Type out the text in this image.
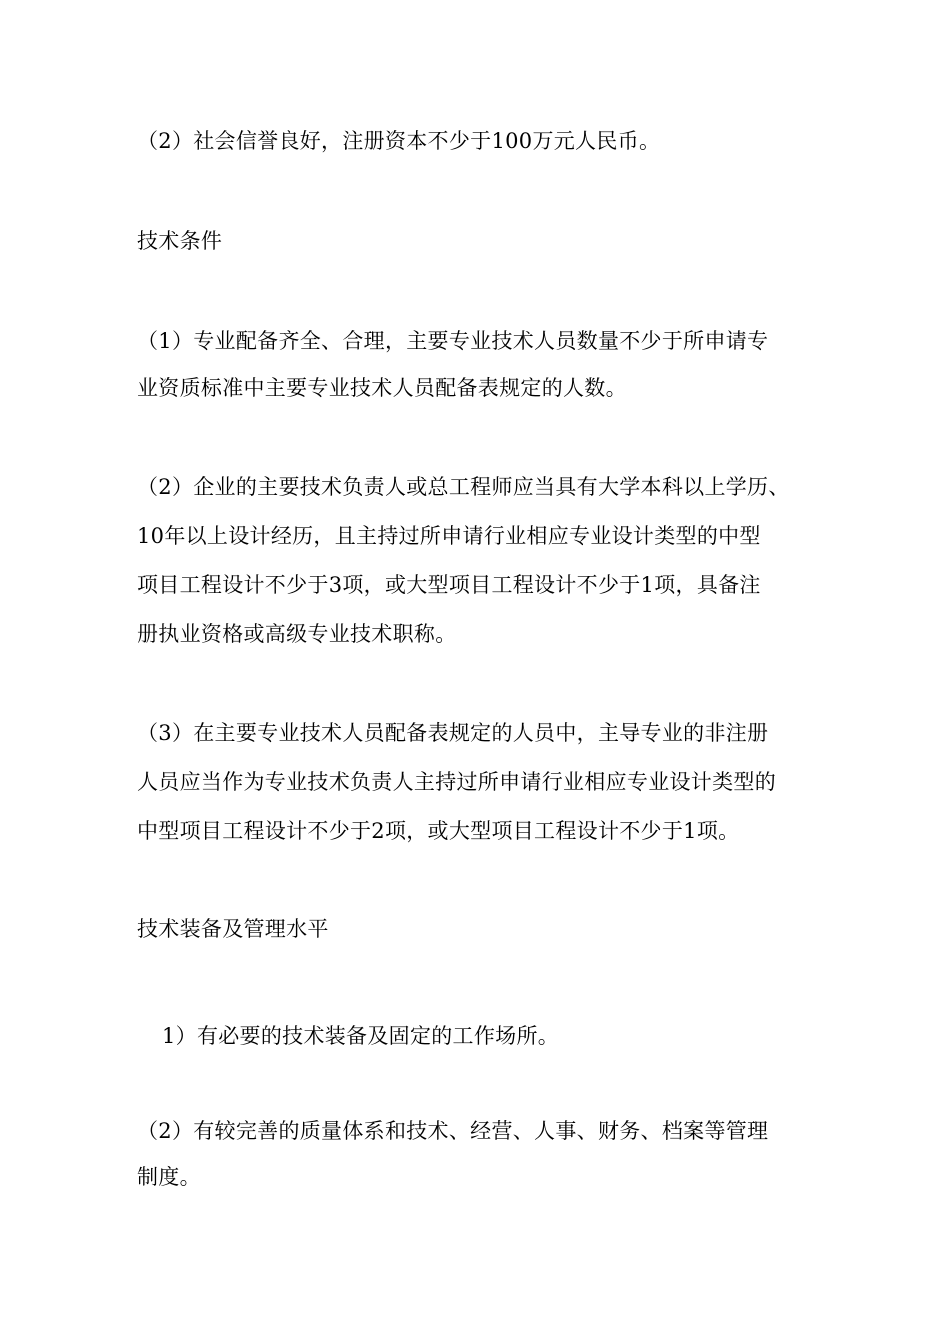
（2）社会信誉良好，注册资本不少于100万元人民币。
技术条件
（1）专业配备齐全、合理，主要专业技术人员数量不少于所申请专
业资质标准中主要专业技术人员配备表规定的人数。
（2）企业的主要技术负责人或总工程师应当具有大学本科以上学历、
10年以上设计经历，且主持过所申请行业相应专业设计类型的中型
项目工程设计不少于3项，或大型项目工程设计不少于1项，具备注
册执业资格或高级专业技术职称。
（3）在主要专业技术人员配备表规定的人员中，主导专业的非注册
人员应当作为专业技术负责人主持过所申请行业相应专业设计类型的
中型项目工程设计不少于2项，或大型项目工程设计不少于1项。
技术装备及管理水平
1）有必要的技术装备及固定的工作场所。
（2）有较完善的质量体系和技术、经营、人事、财务、档案等管理
制度。
